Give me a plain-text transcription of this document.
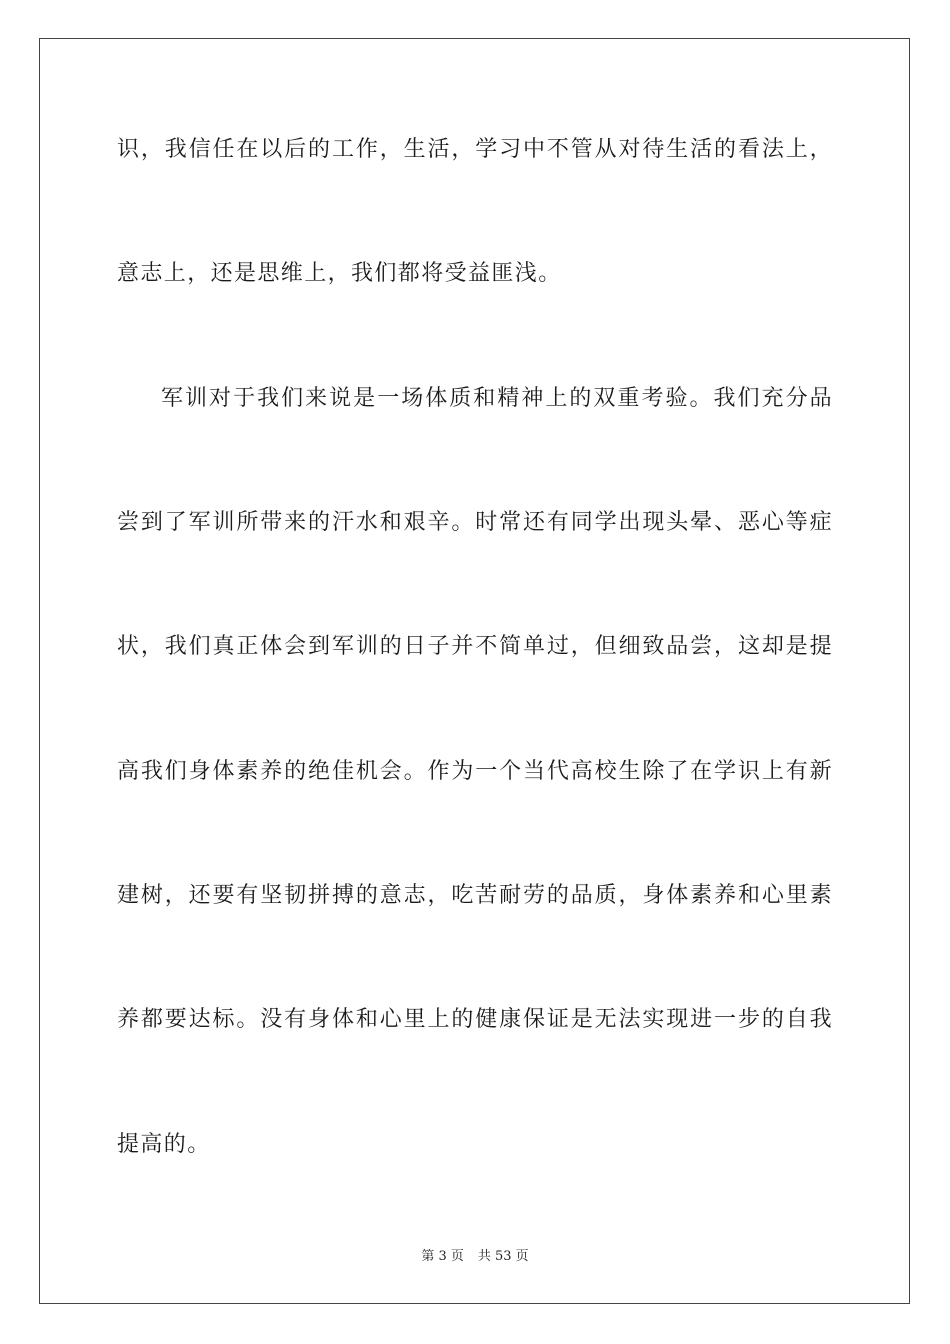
识，我信任在以后的工作，生活，学习中不管从对待生活的看法上，
意志上，还是思维上，我们都将受益匪浅。
军训对于我们来说是一场体质和精神上的双重考验。我们充分品
尝到了军训所带来的汗水和艰辛。时常还有同学出现头晕、恶心等症
状，我们真正体会到军训的日子并不简单过，但细致品尝，这却是提
高我们身体素养的绝佳机会。作为一个当代高校生除了在学识上有新
建树，还要有坚韧拼搏的意志，吃苦耐劳的品质，身体素养和心里素
养都要达标。没有身体和心里上的健康保证是无法实现进一步的自我
提高的。
第 3 页 共 53 页
